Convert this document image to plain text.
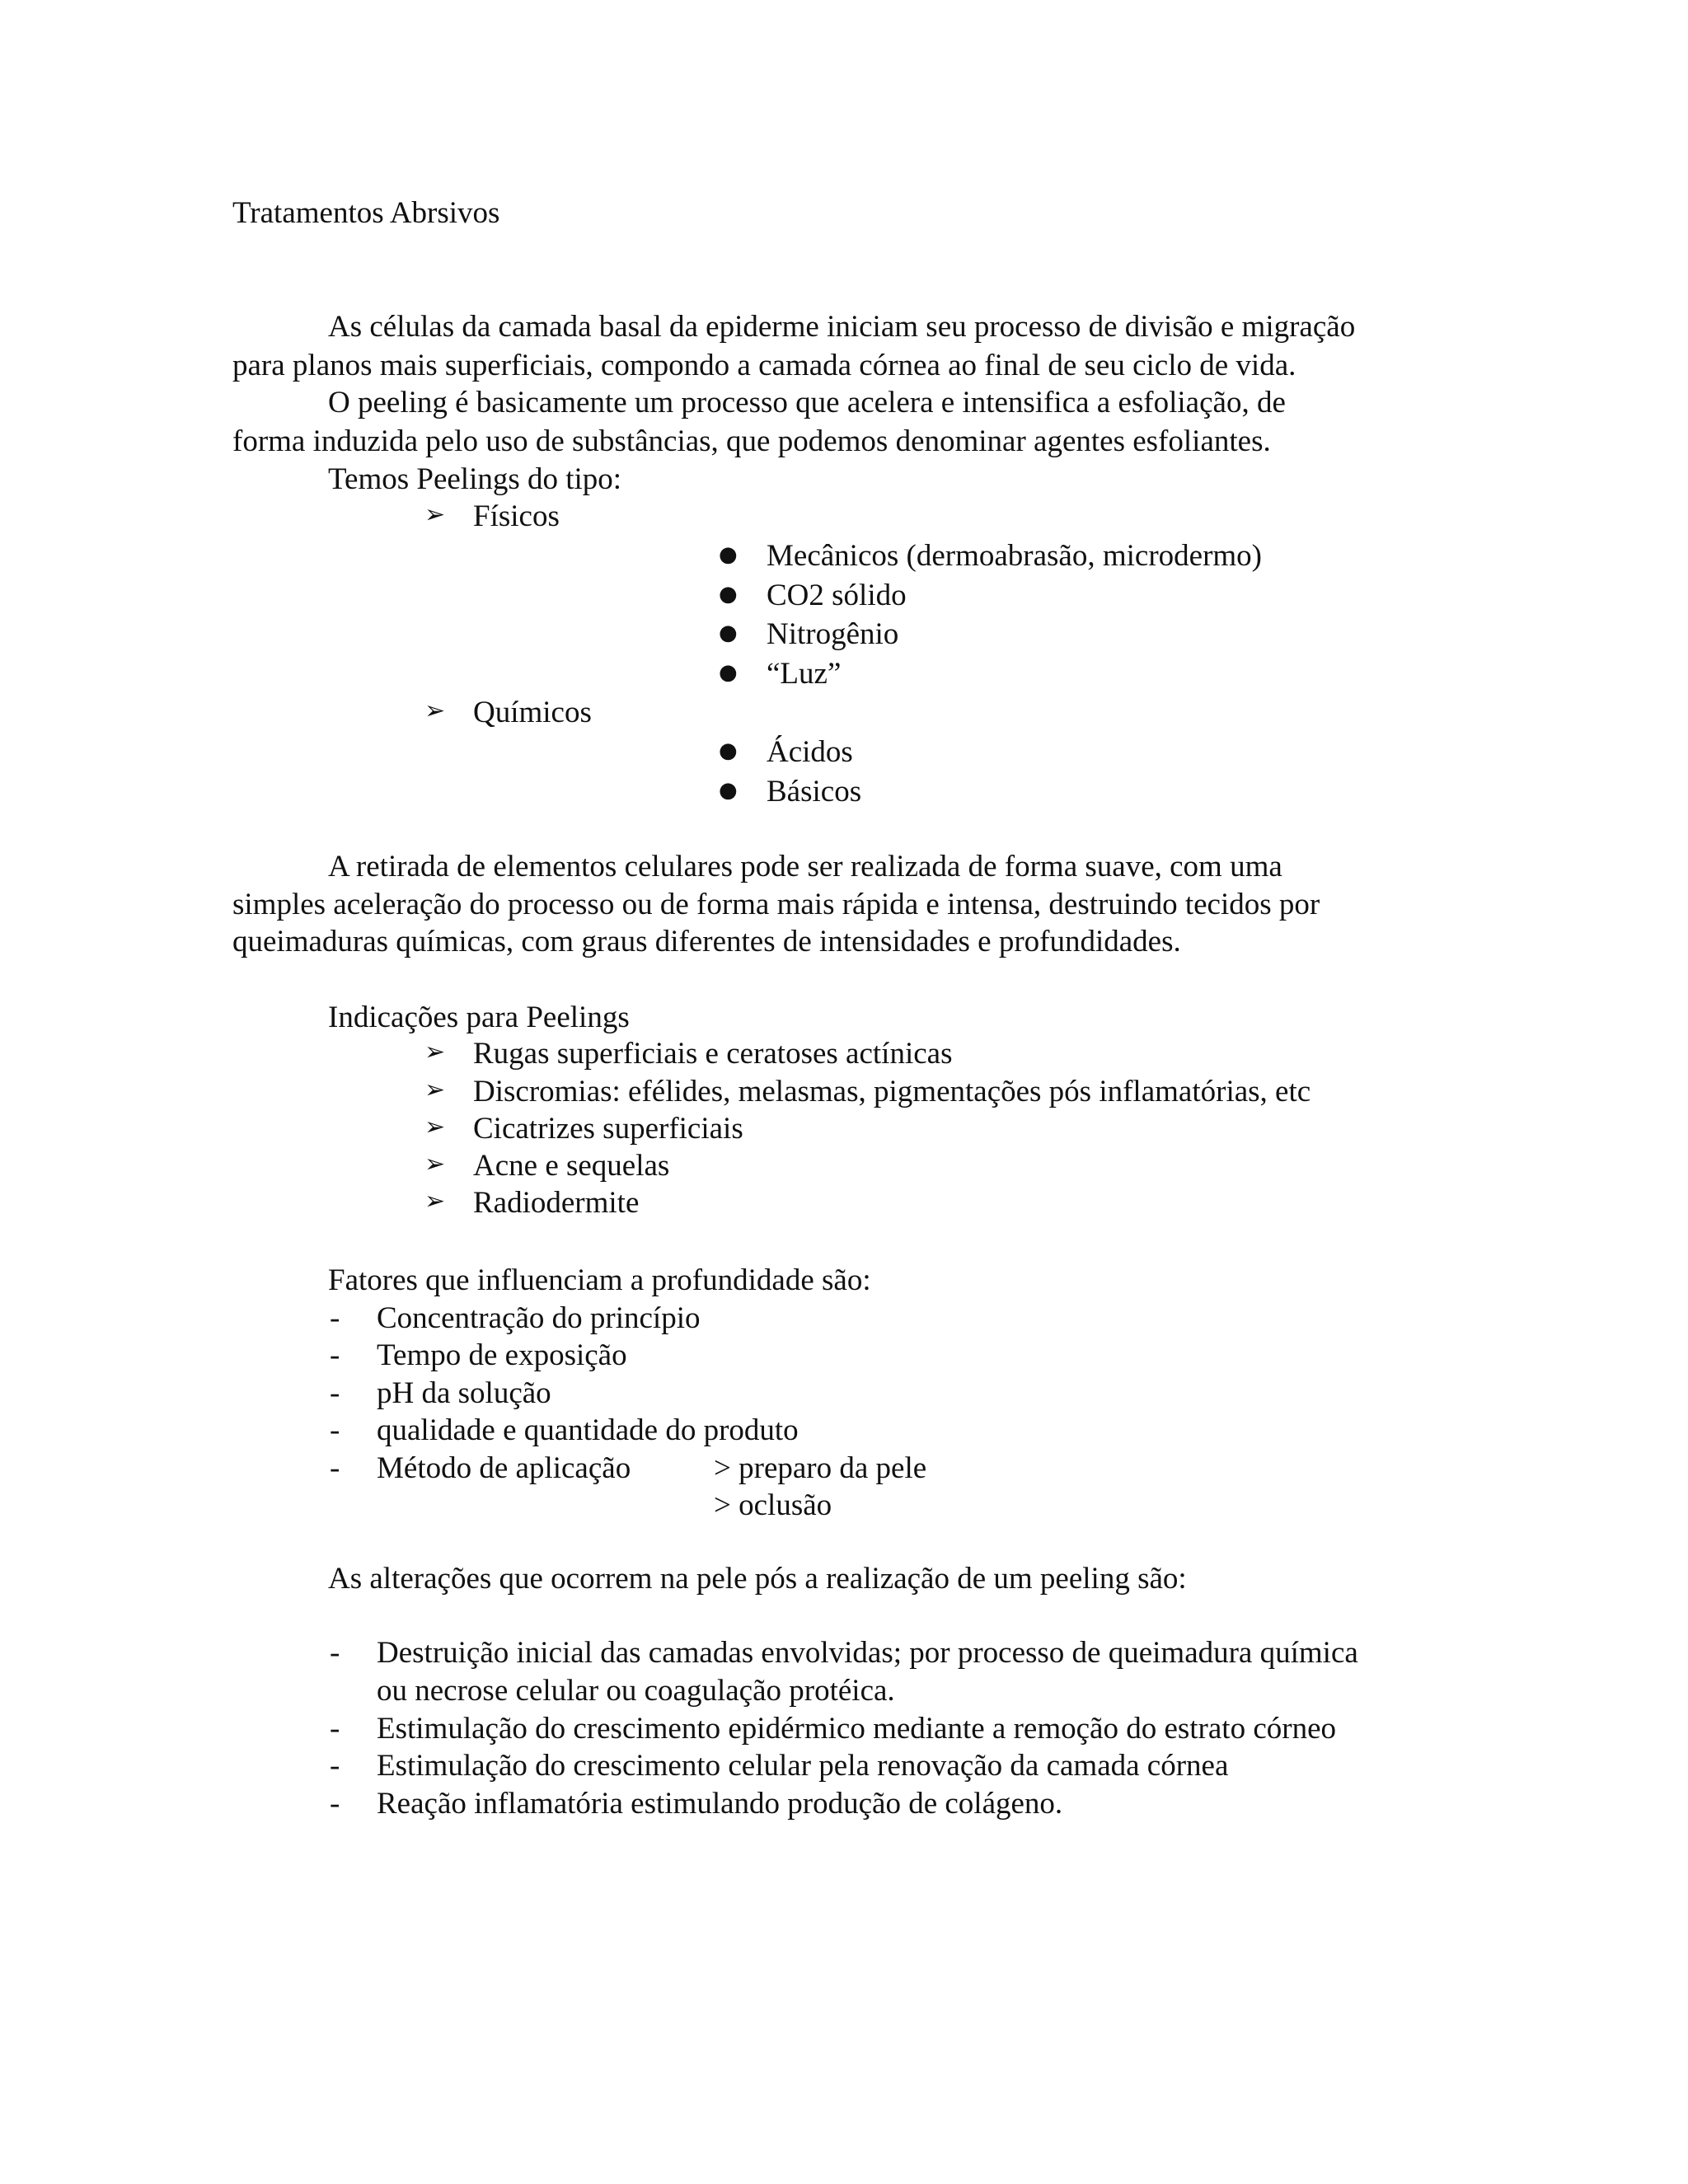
Tratamentos Abrsivos
As células da camada basal da epiderme iniciam seu processo de divisão e migração
para planos mais superficiais, compondo a camada córnea ao final de seu ciclo de vida.
O peeling é basicamente um processo que acelera e intensifica a esfoliação, de
forma induzida pelo uso de substâncias, que podemos denominar agentes esfoliantes.
Temos Peelings do tipo:
➢ Físicos
● Mecânicos (dermoabrasão, microdermo)
● CO2 sólido
● Nitrogênio
● “Luz”
➢ Químicos
● Ácidos
● Básicos
A retirada de elementos celulares pode ser realizada de forma suave, com uma
simples aceleração do processo ou de forma mais rápida e intensa, destruindo tecidos por
queimaduras químicas, com graus diferentes de intensidades e profundidades.
Indicações para Peelings
➢ Rugas superficiais e ceratoses actínicas
➢ Discromias: efélides, melasmas, pigmentações pós inflamatórias, etc
➢ Cicatrizes superficiais
➢ Acne e sequelas
➢ Radiodermite
Fatores que influenciam a profundidade são:
- Concentração do princípio
- Tempo de exposição
- pH da solução
- qualidade e quantidade do produto
- Método de aplicação	> preparo da pele
> oclusão
As alterações que ocorrem na pele pós a realização de um peeling são:
- Destruição inicial das camadas envolvidas; por processo de queimadura química
ou necrose celular ou coagulação protéica.
- Estimulação do crescimento epidérmico mediante a remoção do estrato córneo
- Estimulação do crescimento celular pela renovação da camada córnea
- Reação inflamatória estimulando produção de colágeno.
